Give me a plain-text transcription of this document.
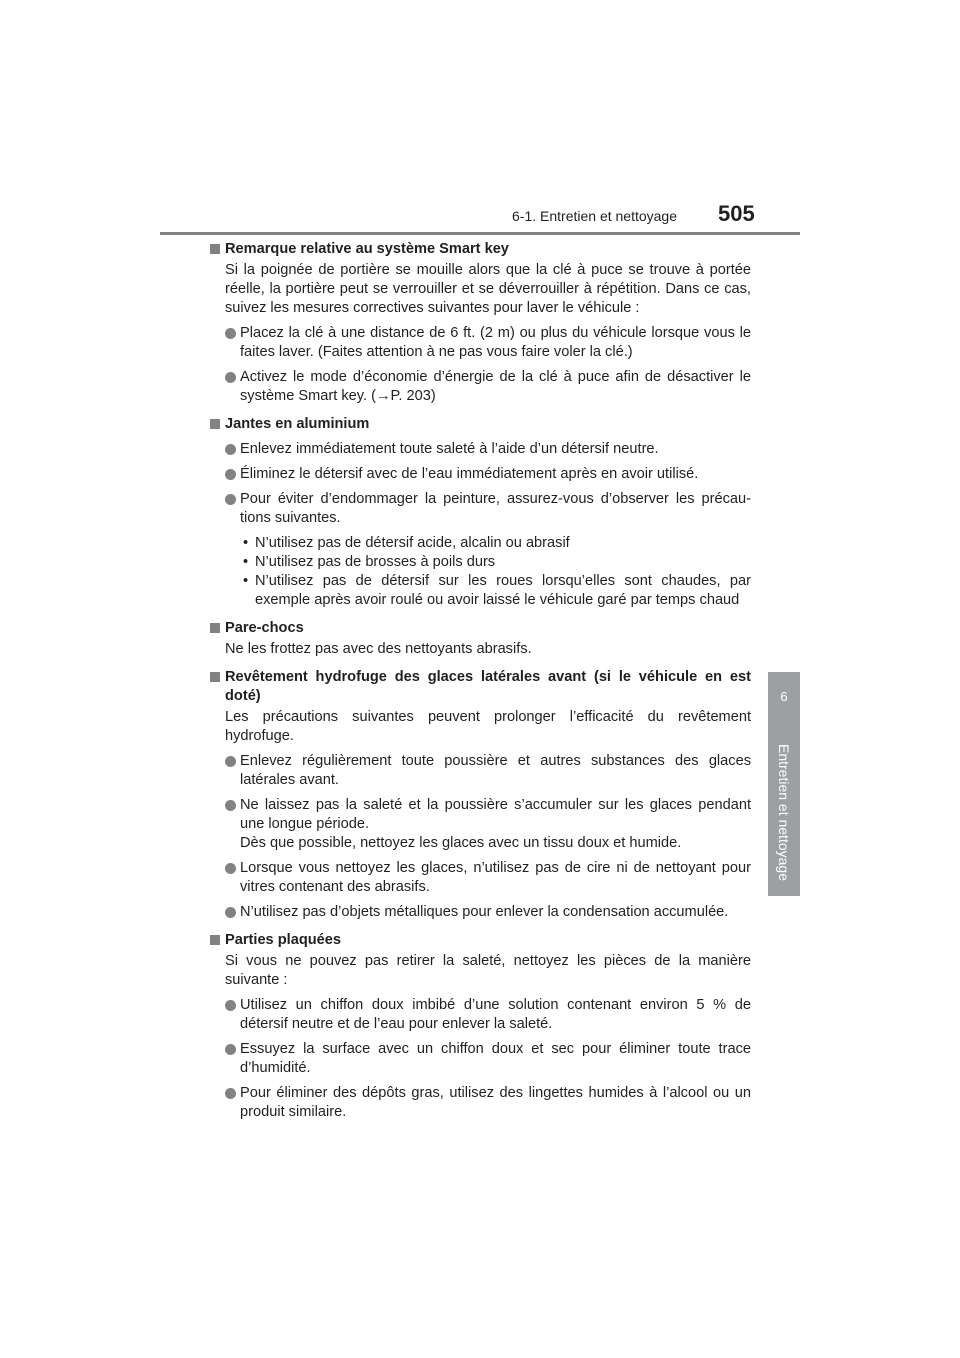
6-1. Entretien et nettoyage 505
6
Entretien et nettoyage
Remarque relative au système Smart key
Si la poignée de portière se mouille alors que la clé à puce se trouve à portée réelle, la portière peut se verrouiller et se déverrouiller à répétition. Dans ce cas, suivez les mesures correctives suivantes pour laver le véhicule :
Placez la clé à une distance de 6 ft. (2 m) ou plus du véhicule lorsque vous le faites laver. (Faites attention à ne pas vous faire voler la clé.)
Activez le mode d’économie d’énergie de la clé à puce afin de désactiver le système Smart key. (→P. 203)
Jantes en aluminium
Enlevez immédiatement toute saleté à l’aide d’un détersif neutre.
Éliminez le détersif avec de l’eau immédiatement après en avoir utilisé.
Pour éviter d’endommager la peinture, assurez-vous d’observer les précau-tions suivantes.
• N’utilisez pas de détersif acide, alcalin ou abrasif
• N’utilisez pas de brosses à poils durs
• N’utilisez pas de détersif sur les roues lorsqu’elles sont chaudes, par exemple après avoir roulé ou avoir laissé le véhicule garé par temps chaud
Pare-chocs
Ne les frottez pas avec des nettoyants abrasifs.
Revêtement hydrofuge des glaces latérales avant (si le véhicule en est doté)
Les précautions suivantes peuvent prolonger l’efficacité du revêtement hydrofuge.
Enlevez régulièrement toute poussière et autres substances des glaces latérales avant.
Ne laissez pas la saleté et la poussière s’accumuler sur les glaces pendant une longue période.
Dès que possible, nettoyez les glaces avec un tissu doux et humide.
Lorsque vous nettoyez les glaces, n’utilisez pas de cire ni de nettoyant pour vitres contenant des abrasifs.
N’utilisez pas d’objets métalliques pour enlever la condensation accumulée.
Parties plaquées
Si vous ne pouvez pas retirer la saleté, nettoyez les pièces de la manière suivante :
Utilisez un chiffon doux imbibé d’une solution contenant environ 5 % de détersif neutre et de l’eau pour enlever la saleté.
Essuyez la surface avec un chiffon doux et sec pour éliminer toute trace d’humidité.
Pour éliminer des dépôts gras, utilisez des lingettes humides à l’alcool ou un produit similaire.
